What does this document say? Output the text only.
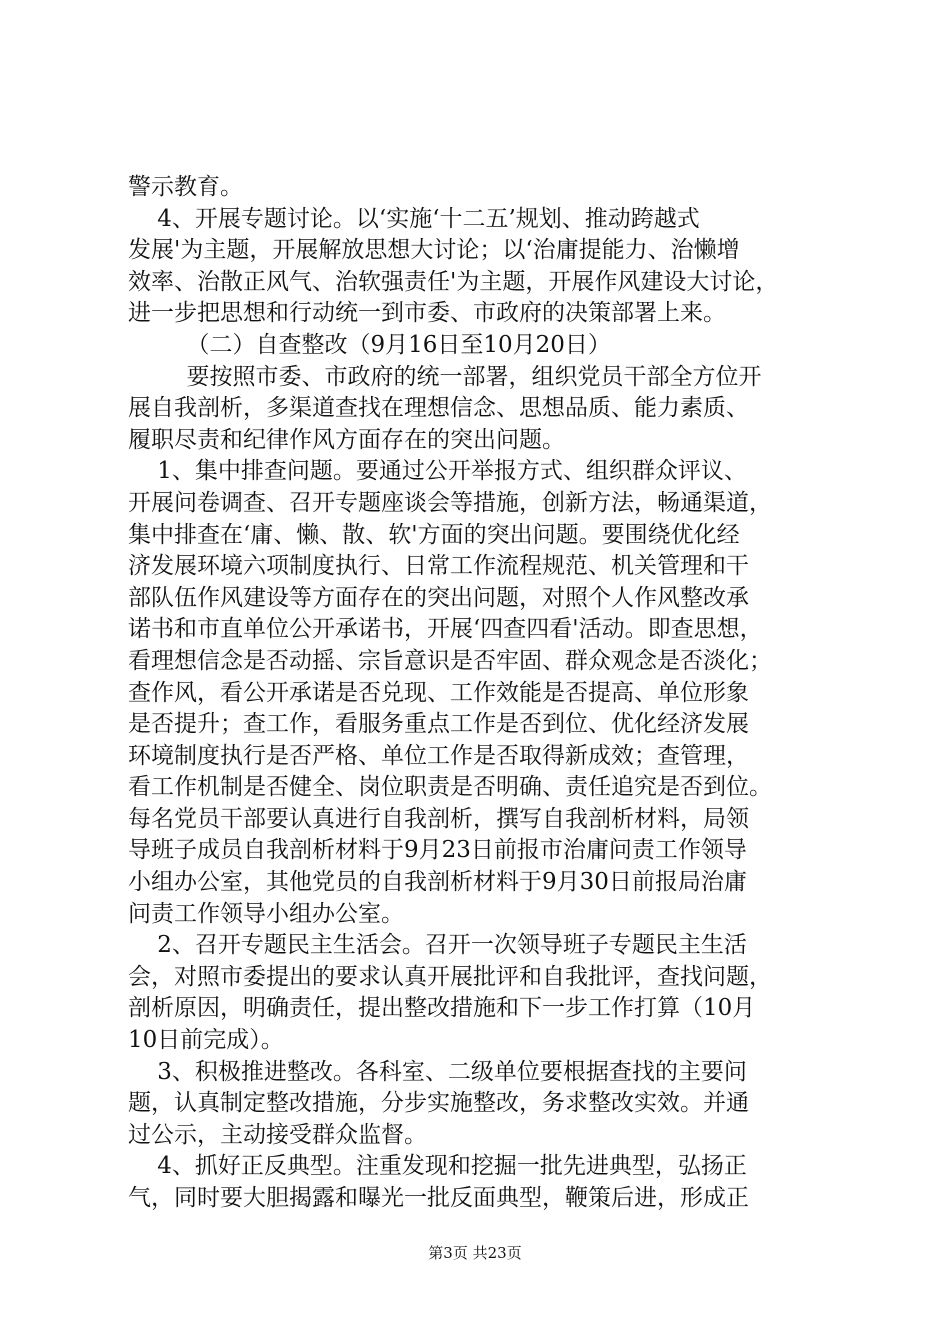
警示教育。
4、开展专题讨论。以‘实施‘十二五’规划、推动跨越式
发展'为主题，开展解放思想大讨论；以‘治庸提能力、治懒增
效率、治散正风气、治软强责任'为主题，开展作风建设大讨论，
进一步把思想和行动统一到市委、市政府的决策部署上来。
（二）自查整改（9月16日至10月20日）
要按照市委、市政府的统一部署，组织党员干部全方位开
展自我剖析，多渠道查找在理想信念、思想品质、能力素质、
履职尽责和纪律作风方面存在的突出问题。
1、集中排查问题。要通过公开举报方式、组织群众评议、
开展问卷调查、召开专题座谈会等措施，创新方法，畅通渠道，
集中排查在‘庸、懒、散、软'方面的突出问题。要围绕优化经
济发展环境六项制度执行、日常工作流程规范、机关管理和干
部队伍作风建设等方面存在的突出问题，对照个人作风整改承
诺书和市直单位公开承诺书，开展‘四查四看'活动。即查思想，
看理想信念是否动摇、宗旨意识是否牢固、群众观念是否淡化；
查作风，看公开承诺是否兑现、工作效能是否提高、单位形象
是否提升；查工作，看服务重点工作是否到位、优化经济发展
环境制度执行是否严格、单位工作是否取得新成效；查管理，
看工作机制是否健全、岗位职责是否明确、责任追究是否到位。
每名党员干部要认真进行自我剖析，撰写自我剖析材料，局领
导班子成员自我剖析材料于9月23日前报市治庸问责工作领导
小组办公室，其他党员的自我剖析材料于9月30日前报局治庸
问责工作领导小组办公室。
2、召开专题民主生活会。召开一次领导班子专题民主生活
会，对照市委提出的要求认真开展批评和自我批评，查找问题，
剖析原因，明确责任，提出整改措施和下一步工作打算（10月
10日前完成）。
3、积极推进整改。各科室、二级单位要根据查找的主要问
题，认真制定整改措施，分步实施整改，务求整改实效。并通
过公示，主动接受群众监督。
4、抓好正反典型。注重发现和挖掘一批先进典型，弘扬正
气，同时要大胆揭露和曝光一批反面典型，鞭策后进，形成正
第3页 共23页
